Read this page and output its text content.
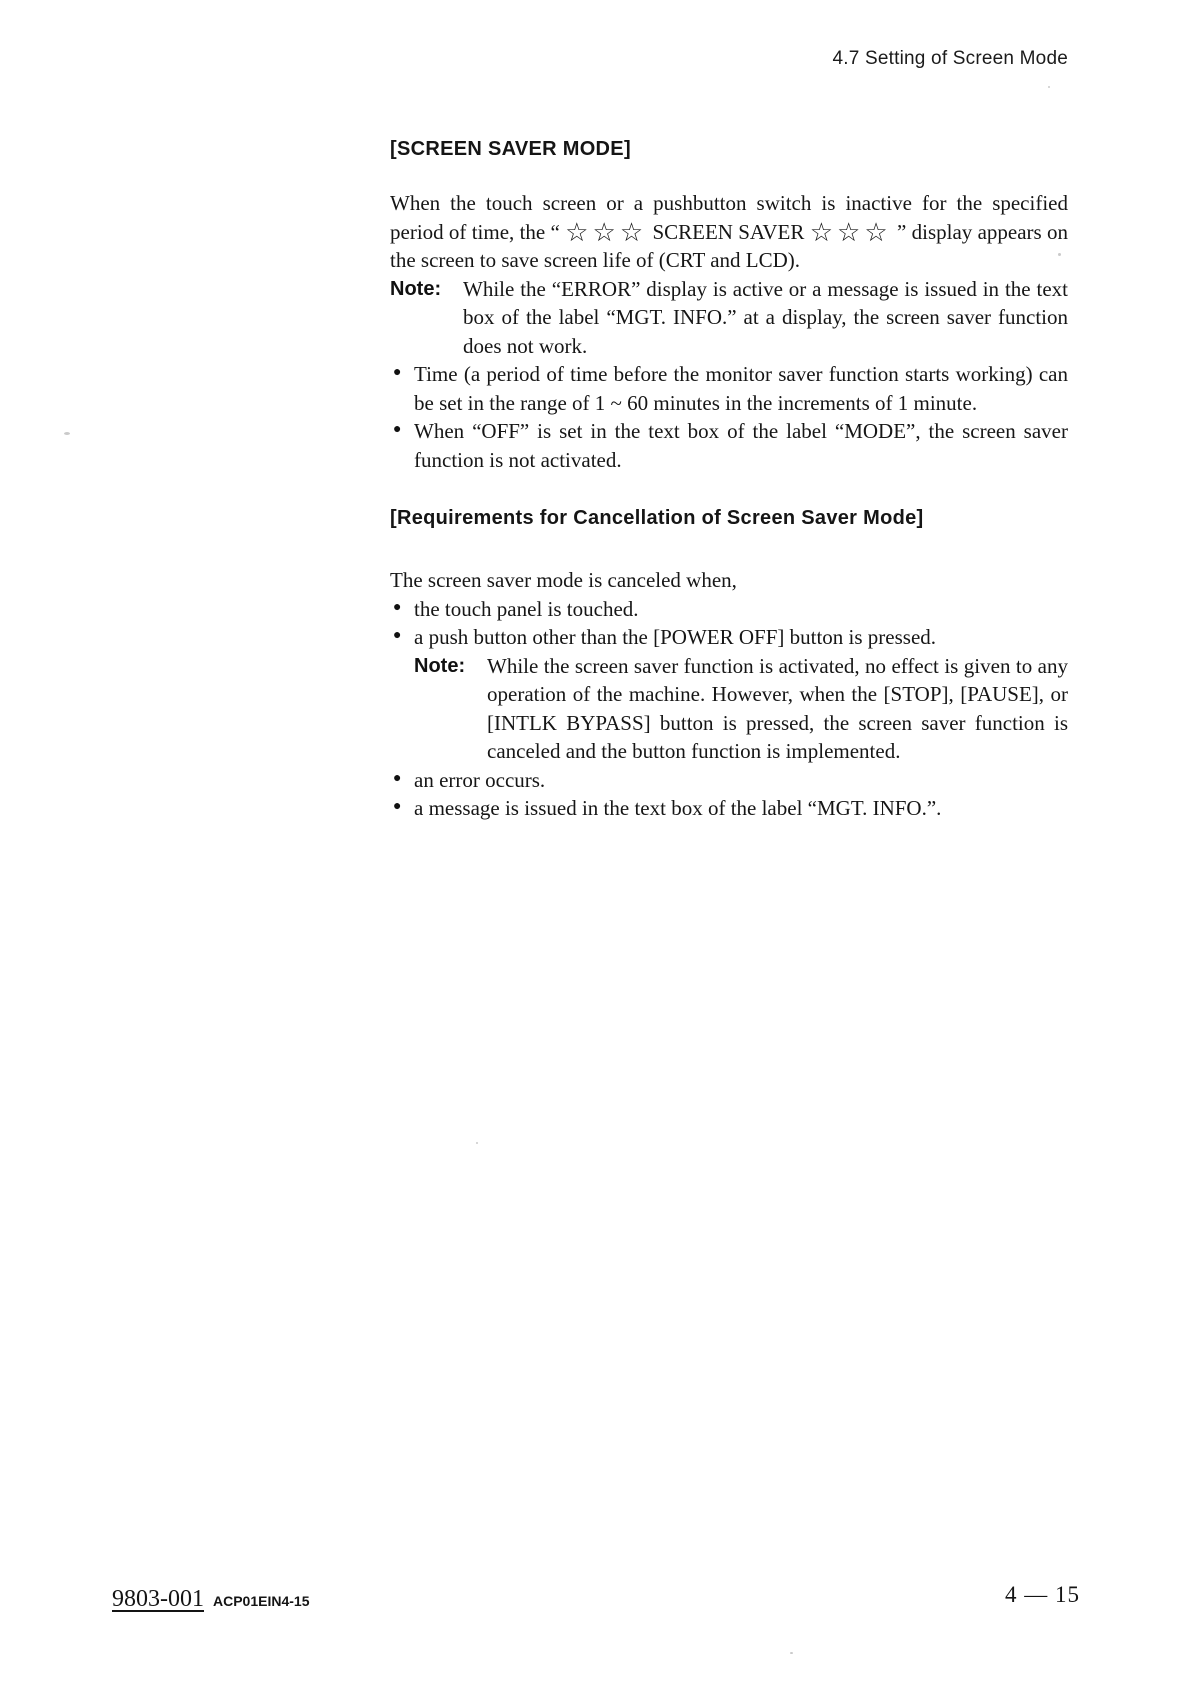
4.7 Setting of Screen Mode
[SCREEN SAVER MODE]

When the touch screen or a pushbutton switch is inactive for the specified period of time, the “ ☆☆☆ SCREEN SAVER ☆☆☆ ” display appears on the screen to save screen life of (CRT and LCD).

Note: While the “ERROR” display is active or a message is issued in the text box of the label “MGT. INFO.” at a display, the screen saver function does not work.
● Time (a period of time before the monitor saver function starts working) can be set in the range of 1 ~ 60 minutes in the increments of 1 minute.
● When “OFF” is set in the text box of the label “MODE”, the screen saver function is not activated.
[Requirements for Cancellation of Screen Saver Mode]

The screen saver mode is canceled when,

● the touch panel is touched.
● a push button other than the [POWER OFF] button is pressed.
Note: While the screen saver function is activated, no effect is given to any operation of the machine. However, when the [STOP], [PAUSE], or [INTLK BYPASS] button is pressed, the screen saver function is canceled and the button function is implemented.
● an error occurs.
● a message is issued in the text box of the label “MGT. INFO.”.
9803-001 ACP01EIN4-15	4 — 15
